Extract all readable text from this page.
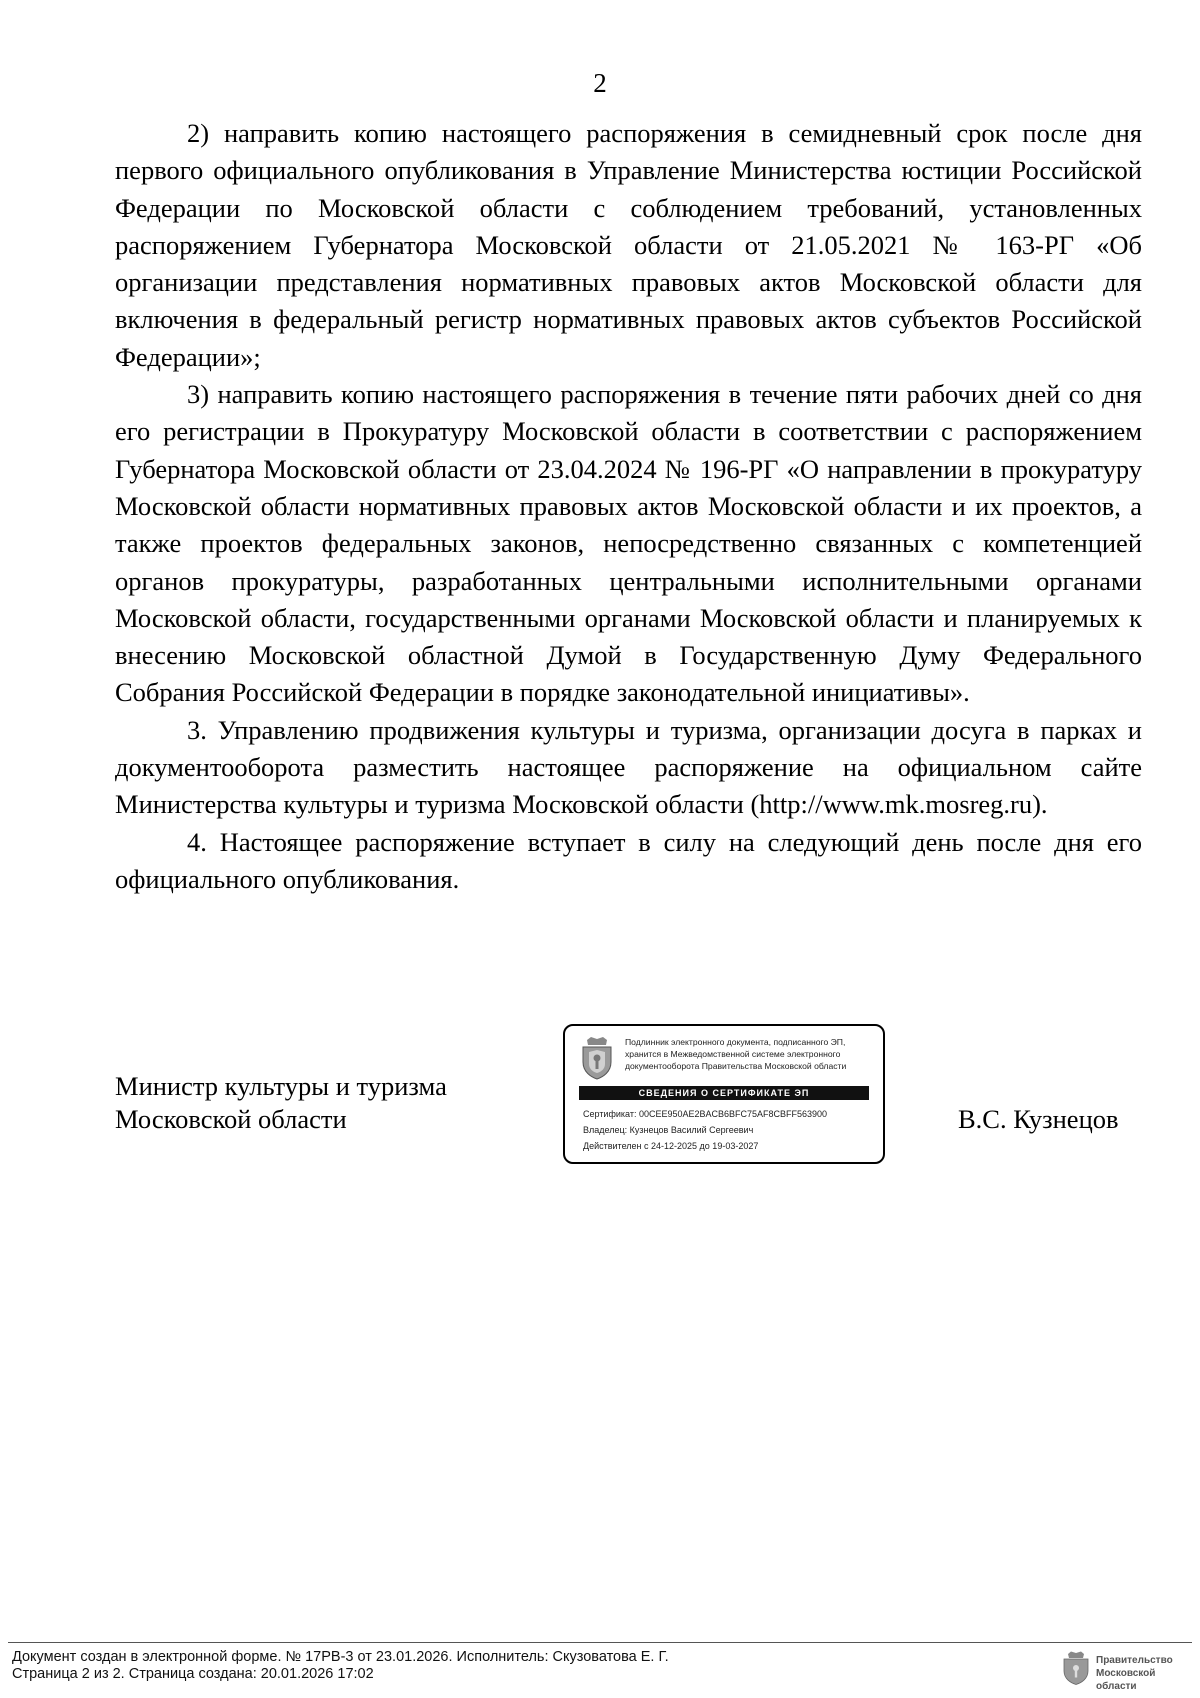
2

2) направить копию настоящего распоряжения в семидневный срок после дня первого официального опубликования в Управление Министерства юстиции Российской Федерации по Московской области с соблюдением требований, установленных распоряжением Губернатора Московской области от 21.05.2021 № 163-РГ «Об организации представления нормативных правовых актов Московской области для включения в федеральный регистр нормативных правовых актов субъектов Российской Федерации»;

3) направить копию настоящего распоряжения в течение пяти рабочих дней со дня его регистрации в Прокуратуру Московской области в соответствии с распоряжением Губернатора Московской области от 23.04.2024 № 196-РГ «О направлении в прокуратуру Московской области нормативных правовых актов Московской области и их проектов, а также проектов федеральных законов, непосредственно связанных с компетенцией органов прокуратуры, разработанных центральными исполнительными органами Московской области, государственными органами Московской области и планируемых к внесению Московской областной Думой в Государственную Думу Федерального Собрания Российской Федерации в порядке законодательной инициативы».

3. Управлению продвижения культуры и туризма, организации досуга в парках и документооборота разместить настоящее распоряжение на официальном сайте Министерства культуры и туризма Московской области (http://www.mk.mosreg.ru).

4. Настоящее распоряжение вступает в силу на следующий день после дня его официального опубликования.

Министр культуры и туризма
Московской области
Подлинник электронного документа, подписанного ЭП,
хранится в Межведомственной системе электронного
документооборота Правительства Московской области
СВЕДЕНИЯ О СЕРТИФИКАТЕ ЭП
Сертификат: 00CEE950AE2BACB6BFC75AF8CBFF563900
Владелец: Кузнецов Василий Сергеевич
Действителен с 24-12-2025 до 19-03-2027
В.С. Кузнецов
Документ создан в электронной форме. № 17РВ-3 от 23.01.2026. Исполнитель: Скузоватова Е. Г.
Страница 2 из 2. Страница создана: 20.01.2026 17:02
Правительство
Московской области
